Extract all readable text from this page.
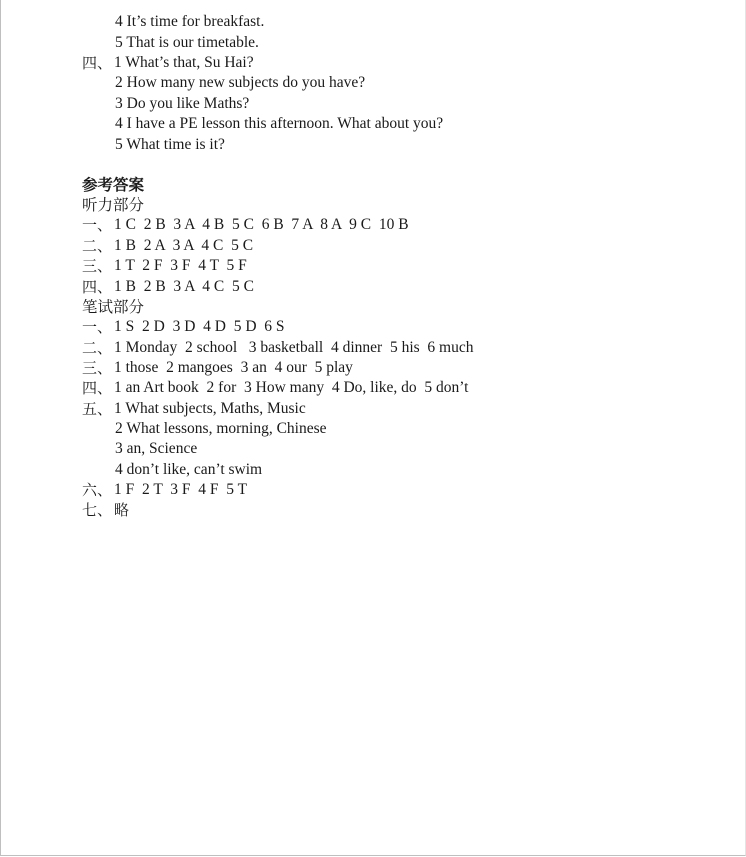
4 It’s time for breakfast.
5 That is our timetable.
四、 1 What’s that, Su Hai?
2 How many new subjects do you have?
3 Do you like Maths?
4 I have a PE lesson this afternoon. What about you?
5 What time is it?
参考答案
听力部分
一、 1 C  2 B  3 A  4 B  5 C  6 B  7 A  8 A  9 C  10 B
二、 1 B  2 A  3 A  4 C  5 C
三、 1 T  2 F  3 F  4 T  5 F
四、 1 B  2 B  3 A  4 C  5 C
笔试部分
一、 1 S  2 D  3 D  4 D  5 D  6 S
二、 1 Monday  2 school   3 basketball  4 dinner  5 his  6 much
三、 1 those  2 mangoes  3 an  4 our  5 play
四、 1 an Art book  2 for  3 How many  4 Do, like, do  5 don’t
五、 1 What subjects, Maths, Music
2 What lessons, morning, Chinese
3 an, Science
4 don’t like, can’t swim
六、 1 F  2 T  3 F  4 F  5 T
七、 略
